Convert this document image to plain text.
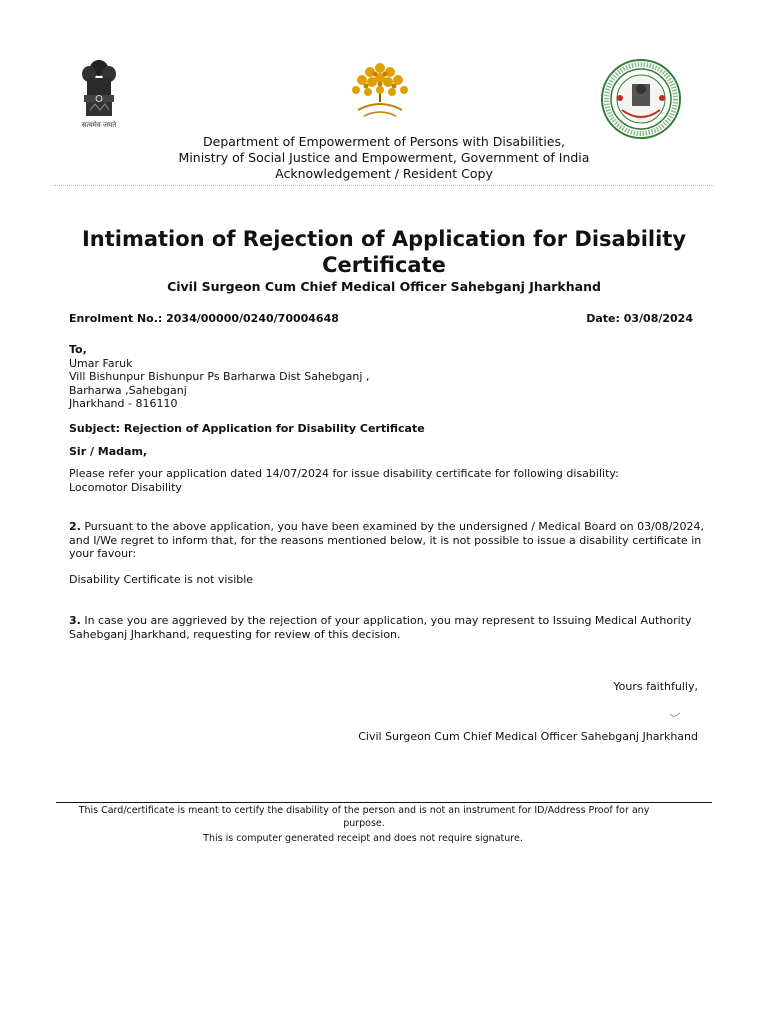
सत्यमेव जयते
Department of Empowerment of Persons with Disabilities,
Ministry of Social Justice and Empowerment, Government of India
Acknowledgement / Resident Copy
Intimation of Rejection of Application for Disability Certificate
Civil Surgeon Cum Chief Medical Officer Sahebganj Jharkhand
Enrolment No.: 2034/00000/0240/70004648	Date: 03/08/2024
To,
Umar Faruk
Vill Bishunpur Bishunpur Ps Barharwa Dist Sahebganj ,
Barharwa ,Sahebganj
Jharkhand - 816110
Subject: Rejection of Application for Disability Certificate
Sir / Madam,
Please refer your application dated 14/07/2024 for issue disability certificate for following disability:
Locomotor Disability
2. Pursuant to the above application, you have been examined by the undersigned / Medical Board on 03/08/2024, and I/We regret to inform that, for the reasons mentioned below, it is not possible to issue a disability certificate in your favour:
Disability Certificate is not visible
3. In case you are aggrieved by the rejection of your application, you may represent to Issuing Medical Authority Sahebganj Jharkhand, requesting for review of this decision.
Yours faithfully,
Civil Surgeon Cum Chief Medical Officer Sahebganj Jharkhand
This Card/certificate is meant to certify the disability of the person and is not an instrument for ID/Address Proof for any purpose.
This is computer generated receipt and does not require signature.
